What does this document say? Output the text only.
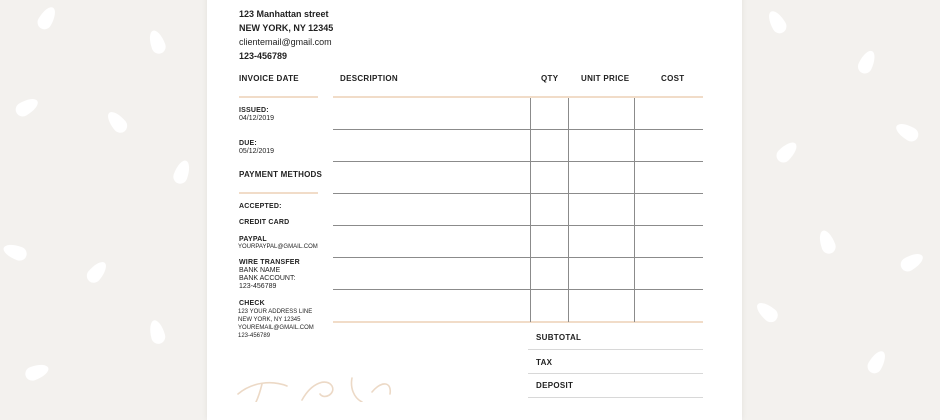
123 Manhattan street
NEW YORK, NY 12345
clientemail@gmail.com
123-456789
INVOICE DATE	DESCRIPTION	QTY	UNIT PRICE	COST
ISSUED:
04/12/2019
DUE:
05/12/2019
PAYMENT METHODS
ACCEPTED:
CREDIT CARD
PAYPAL
YOURPAYPAL@GMAIL.COM
WIRE TRANSFER
BANK NAME
BANK ACCOUNT:
123-456789
CHECK
123 YOUR ADDRESS LINE
NEW YORK, NY 12345
YOUREMAIL@GMAIL.COM
123-456789	SUBTOTAL
TAX
DEPOSIT
